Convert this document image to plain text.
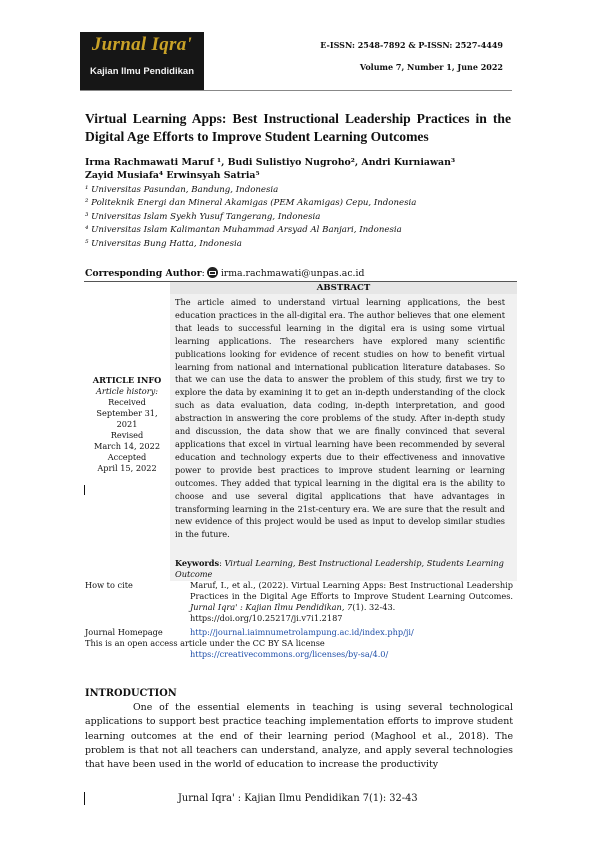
Jurnal Iqra'
Kajian Ilmu Pendidikan
E-ISSN: 2548-7892 & P-ISSN: 2527-4449
Volume 7, Number 1, June 2022
Virtual Learning Apps: Best Instructional Leadership Practices in the Digital Age Efforts to Improve Student Learning Outcomes
Irma Rachmawati Maruf ¹, Budi Sulistiyo Nugroho², Andri Kurniawan³
Zayid Musiafa⁴ Erwinsyah Satria⁵
¹ Universitas Pasundan, Bandung, Indonesia
² Politeknik Energi dan Mineral Akamigas (PEM Akamigas) Cepu, Indonesia
³ Universitas Islam Syekh Yusuf Tangerang, Indonesia
⁴ Universitas Islam Kalimantan Muhammad Arsyad Al Banjari, Indonesia
⁵ Universitas Bung Hatta, Indonesia
Corresponding Author: irma.rachmawati@unpas.ac.id
ABSTRACT
The article aimed to understand virtual learning applications, the best education practices in the all-digital era. The author believes that one element that leads to successful learning in the digital era is using some virtual learning applications. The researchers have explored many scientific publications looking for evidence of recent studies on how to benefit virtual learning from national and international publication literature databases. So that we can use the data to answer the problem of this study, first we try to explore the data by examining it to get an in-depth understanding of the clock such as data evaluation, data coding, in-depth interpretation, and good abstraction in answering the core problems of the study. After in-depth study and discussion, the data show that we are finally convinced that several applications that excel in virtual learning have been recommended by several education and technology experts due to their effectiveness and innovative power to provide best practices to improve student learning or learning outcomes. They added that typical learning in the digital era is the ability to choose and use several digital applications that have advantages in transforming learning in the 21st-century era. We are sure that the result and new evidence of this project would be used as input to develop similar studies in the future.
Keywords: Virtual Learning, Best Instructional Leadership, Students Learning Outcome
ARTICLE INFO
Article history:
Received
September 31, 2021
Revised
March 14, 2022
Accepted
April 15, 2022
How to cite	Maruf, I., et al., (2022). Virtual Learning Apps: Best Instructional Leadership Practices in the Digital Age Efforts to Improve Student Learning Outcomes. Jurnal Iqra' : Kajian Ilmu Pendidikan, 7(1). 32-43.
https://doi.org/10.25217/ji.v7i1.2187
Journal Homepage	http://journal.iaimnumetrolampung.ac.id/index.php/ji/
This is an open access article under the CC BY SA license
https://creativecommons.org/licenses/by-sa/4.0/
INTRODUCTION
One of the essential elements in teaching is using several technological applications to support best practice teaching implementation efforts to improve student learning outcomes at the end of their learning period (Maghool et al., 2018). The problem is that not all teachers can understand, analyze, and apply several technologies that have been used in the world of education to increase the productivity
Jurnal Iqra' : Kajian Ilmu Pendidikan 7(1): 32-43
